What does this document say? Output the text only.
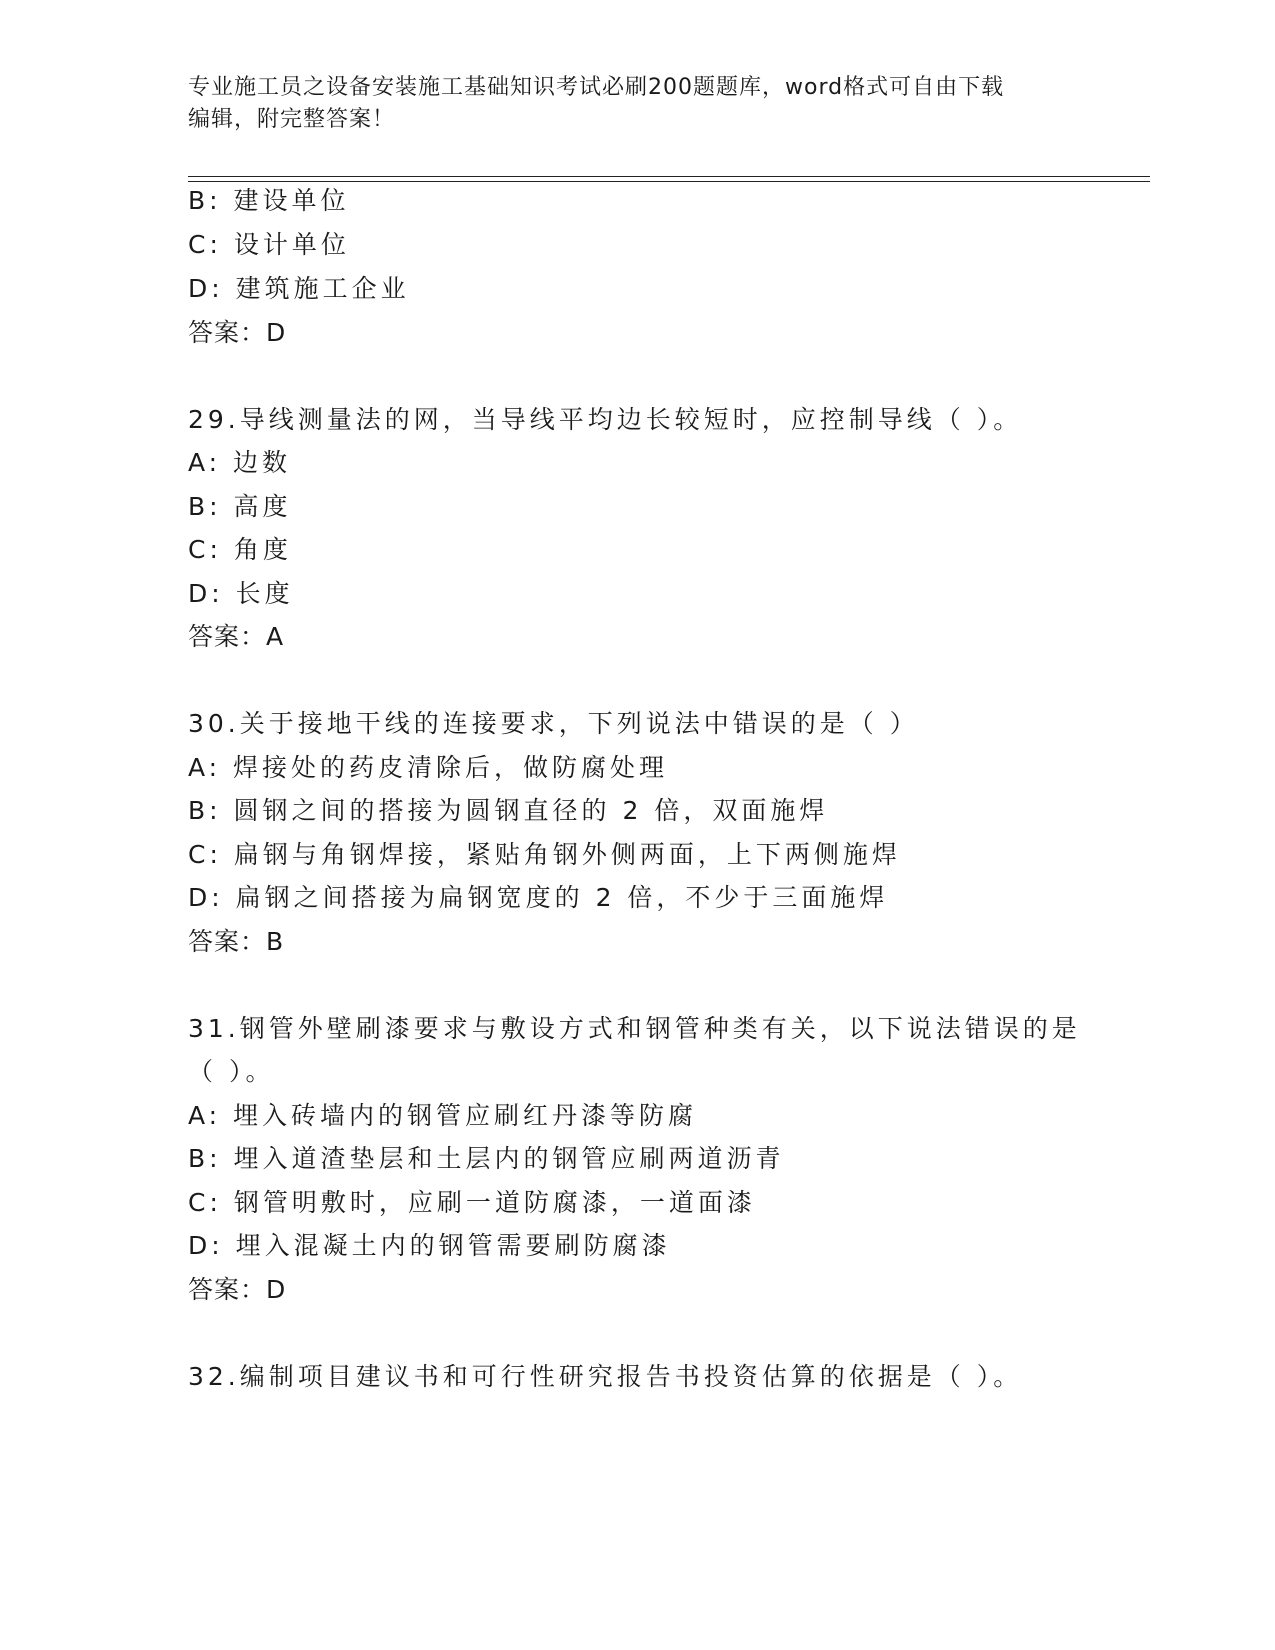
专业施工员之设备安装施工基础知识考试必刷200题题库，word格式可自由下载
编辑，附完整答案！
B: 建设单位
C: 设计单位
D: 建筑施工企业
答案：D
29.导线测量法的网，当导线平均边长较短时，应控制导线（ ）。
A: 边数
B: 高度
C: 角度
D: 长度
答案：A
30.关于接地干线的连接要求，下列说法中错误的是（ ）
A: 焊接处的药皮清除后，做防腐处理
B: 圆钢之间的搭接为圆钢直径的 2 倍，双面施焊
C: 扁钢与角钢焊接，紧贴角钢外侧两面，上下两侧施焊
D: 扁钢之间搭接为扁钢宽度的 2 倍，不少于三面施焊
答案：B
31.钢管外壁刷漆要求与敷设方式和钢管种类有关，以下说法错误的是
（ ）。
A: 埋入砖墙内的钢管应刷红丹漆等防腐
B: 埋入道渣垫层和土层内的钢管应刷两道沥青
C: 钢管明敷时，应刷一道防腐漆，一道面漆
D: 埋入混凝土内的钢管需要刷防腐漆
答案：D
32.编制项目建议书和可行性研究报告书投资估算的依据是（ ）。
